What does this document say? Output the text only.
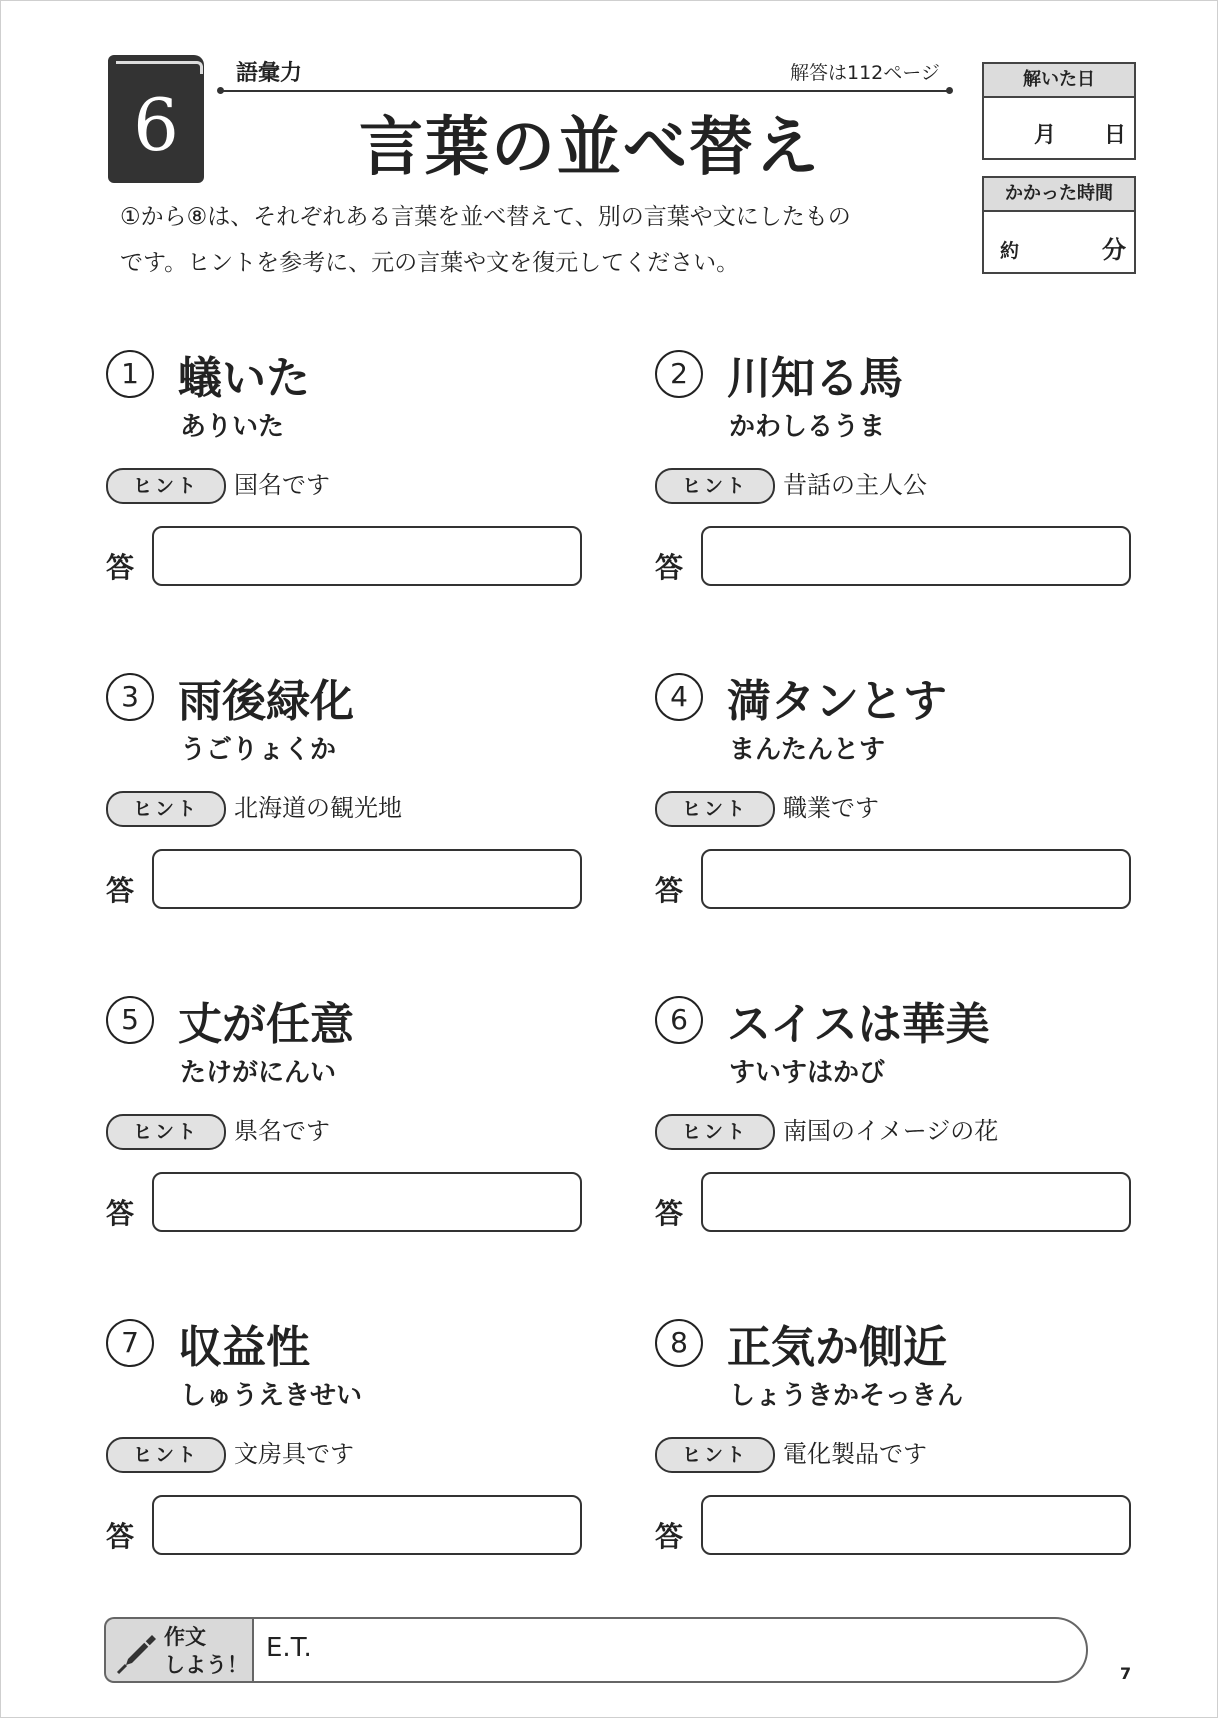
6
語彙力	解答は112ページ
言葉の並べ替え
①から⑧は、それぞれある言葉を並べ替えて、別の言葉や文にしたもの
です。ヒントを参考に、元の言葉や文を復元してください。
解いた日
月 日
かかった時間
約	分
1 蟻いた
ありいた
ヒント	国名です
答
2 川知る馬
かわしるうま
ヒント	昔話の主人公
答
3 雨後緑化
うごりょくか
ヒント	北海道の観光地
答
4 満タンとす
まんたんとす
ヒント	職業です
答
5 丈が任意
たけがにんい
ヒント	県名です
答
6 スイスは華美
すいすはかび
ヒント	南国のイメージの花
答
7 収益性
しゅうえきせい
ヒント	文房具です
答
8 正気か側近
しょうきかそっきん
ヒント	電化製品です
答
作文
しよう！
E.T.
7
